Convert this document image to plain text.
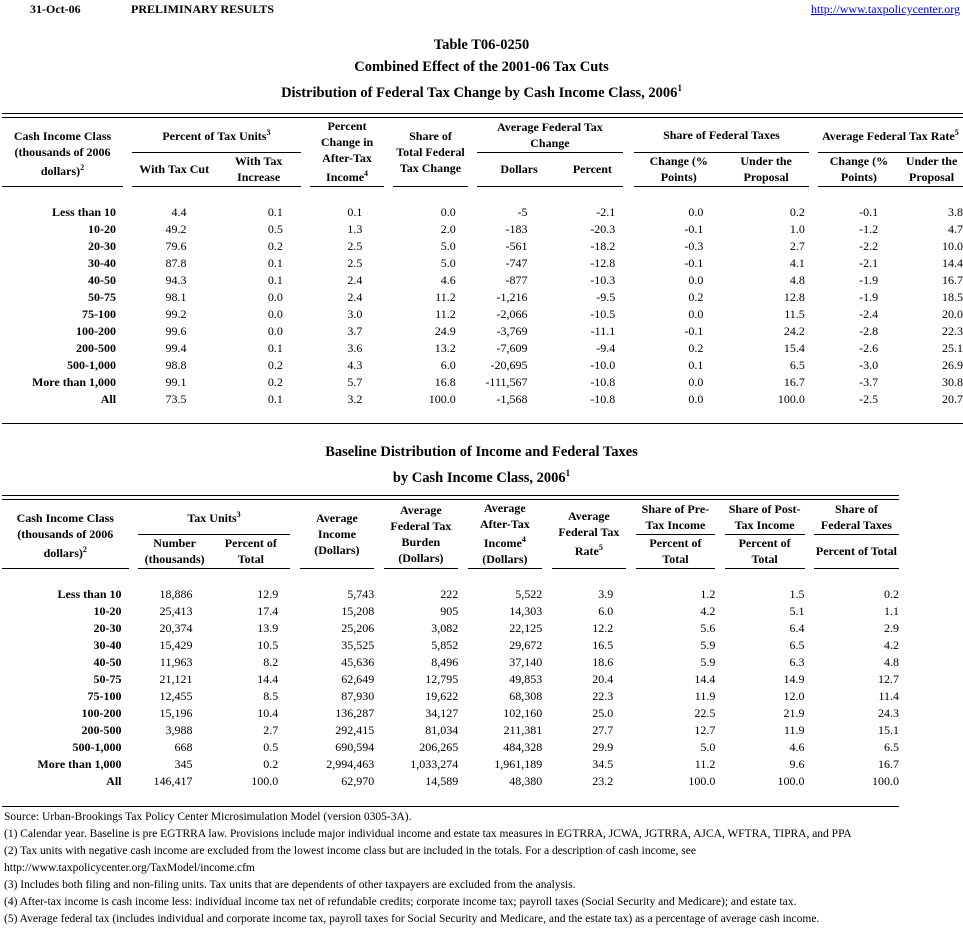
31-Oct-06	PRELIMINARY RESULTS	http://www.taxpolicycenter.org
Table T06-0250
Combined Effect of the 2001-06 Tax Cuts
Distribution of Federal Tax Change by Cash Income Class, 2006$^1$
Cash Income Class (thousands of 2006 dollars)$^2$		Percent of Tax Units$^3$			Percent Change in After-Tax Income$^4$		Share of Total Federal Tax Change		Average Federal Tax Change			Share of Federal Taxes			Average Federal Tax Rate$^5$
		With Tax Cut	With Tax Increase						Dollars	Percent		Change (% Points)	Under the Proposal		Change (% Points)	Under the Proposal

Less than 10		4.4	0.1		0.1		0.0		-5	-2.1		0.0	0.2		-0.1	3.8
10-20		49.2	0.5		1.3		2.0		-183	-20.3		-0.1	1.0		-1.2	4.7
20-30		79.6	0.2		2.5		5.0		-561	-18.2		-0.3	2.7		-2.2	10.0
30-40		87.8	0.1		2.5		5.0		-747	-12.8		-0.1	4.1		-2.1	14.4
40-50		94.3	0.1		2.4		4.6		-877	-10.3		0.0	4.8		-1.9	16.7
50-75		98.1	0.0		2.4		11.2		-1,216	-9.5		0.2	12.8		-1.9	18.5
75-100		99.2	0.0		3.0		11.2		-2,066	-10.5		0.0	11.5		-2.4	20.0
100-200		99.6	0.0		3.7		24.9		-3,769	-11.1		-0.1	24.2		-2.8	22.3
200-500		99.4	0.1		3.6		13.2		-7,609	-9.4		0.2	15.4		-2.6	25.1
500-1,000		98.8	0.2		4.3		6.0		-20,695	-10.0		0.1	6.5		-3.0	26.9
More than 1,000		99.1	0.2		5.7		16.8		-111,567	-10.8		0.0	16.7		-3.7	30.8
All		73.5	0.1		3.2		100.0		-1,568	-10.8		0.0	100.0		-2.5	20.7
Baseline Distribution of Income and Federal Taxes
by Cash Income Class, 2006$^1$
Cash Income Class (thousands of 2006 dollars)$^2$		Tax Units$^3$			Average Income (Dollars)		Average Federal Tax Burden (Dollars)		Average After-Tax Income$^4$ (Dollars)		Average Federal Tax Rate$^5$		Share of Pre-Tax Income		Share of Post-Tax Income		Share of Federal Taxes
		Number (thousands)	Percent of Total										Percent of Total		Percent of Total		Percent of Total

Less than 10		18,886	12.9		5,743		222		5,522		3.9		1.2		1.5		0.2
10-20		25,413	17.4		15,208		905		14,303		6.0		4.2		5.1		1.1
20-30		20,374	13.9		25,206		3,082		22,125		12.2		5.6		6.4		2.9
30-40		15,429	10.5		35,525		5,852		29,672		16.5		5.9		6.5		4.2
40-50		11,963	8.2		45,636		8,496		37,140		18.6		5.9		6.3		4.8
50-75		21,121	14.4		62,649		12,795		49,853		20.4		14.4		14.9		12.7
75-100		12,455	8.5		87,930		19,622		68,308		22.3		11.9		12.0		11.4
100-200		15,196	10.4		136,287		34,127		102,160		25.0		22.5		21.9		24.3
200-500		3,988	2.7		292,415		81,034		211,381		27.7		12.7		11.9		15.1
500-1,000		668	0.5		690,594		206,265		484,328		29.9		5.0		4.6		6.5
More than 1,000		345	0.2		2,994,463		1,033,274		1,961,189		34.5		11.2		9.6		16.7
All		146,417	100.0		62,970		14,589		48,380		23.2		100.0		100.0		100.0
Source: Urban-Brookings Tax Policy Center Microsimulation Model (version 0305-3A).
(1) Calendar year. Baseline is pre EGTRRA law. Provisions include major individual income and estate tax measures in EGTRRA, JCWA, JGTRRA, AJCA, WFTRA, TIPRA, and PPA
(2) Tax units with negative cash income are excluded from the lowest income class but are included in the totals. For a description of cash income, see
http://www.taxpolicycenter.org/TaxModel/income.cfm
(3) Includes both filing and non-filing units. Tax units that are dependents of other taxpayers are excluded from the analysis.
(4) After-tax income is cash income less: individual income tax net of refundable credits; corporate income tax; payroll taxes (Social Security and Medicare); and estate tax.
(5) Average federal tax (includes individual and corporate income tax, payroll taxes for Social Security and Medicare, and the estate tax) as a percentage of average cash income.
